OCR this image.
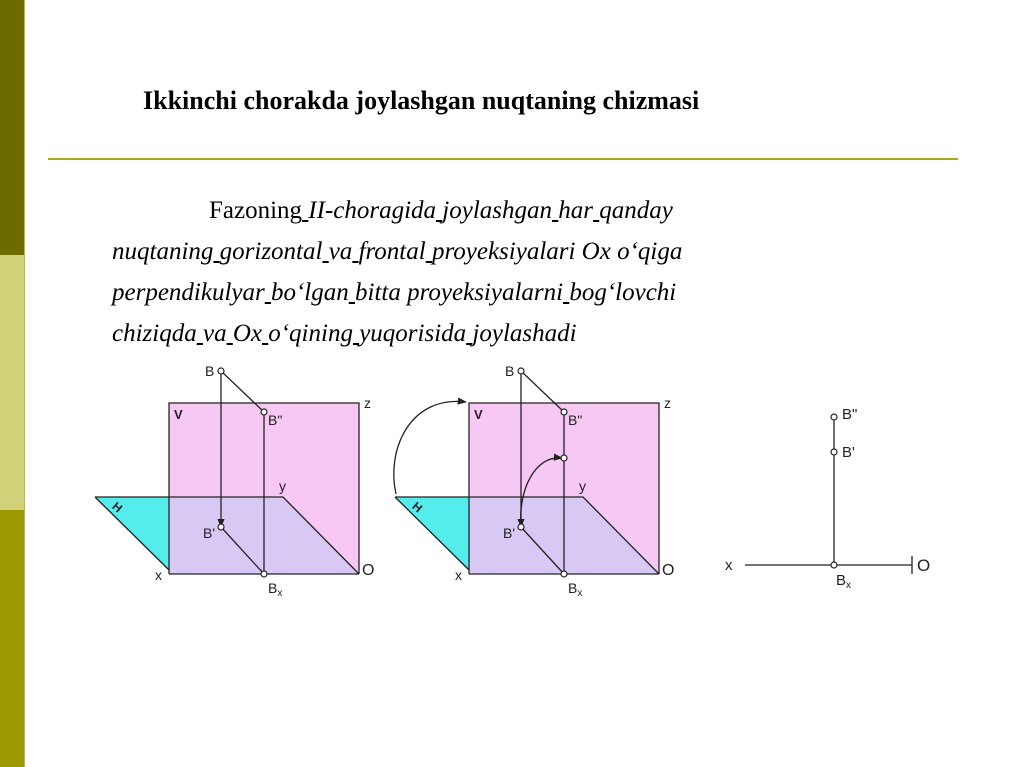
Ikkinchi chorakda joylashgan nuqtaning chizmasi
Fazoning II-choragida joylashgan har qanday
nuqtaning gorizontal va frontal proyeksiyalari Ox o‘qiga
perpendikulyar bo‘lgan bitta proyeksiyalarni bog‘lovchi
chiziqda va Ox o‘qining yuqorisida joylashadi
V
H
B
B"
B'
$B_x$
x
y
z
O
V
H
B
B"
B'
$B_x$
x
y
z
O
B"
B'
$B_x$
x	O
